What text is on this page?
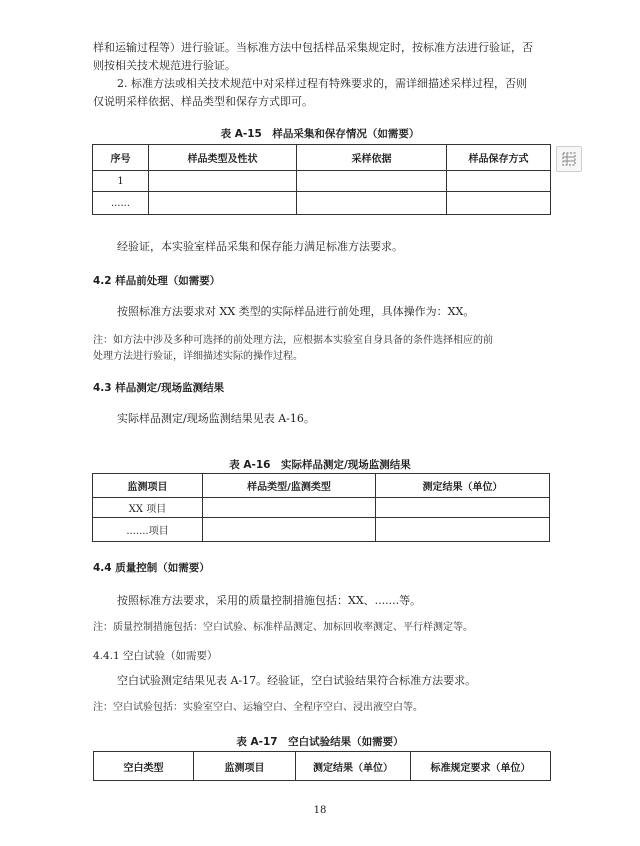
样和运输过程等）进行验证。当标准方法中包括样品采集规定时，按标准方法进行验证，否
则按相关技术规范进行验证。
2. 标准方法或相关技术规范中对采样过程有特殊要求的，需详细描述采样过程，否则
仅说明采样依据、样品类型和保存方式即可。
表 A-15　样品采集和保存情况（如需要）
序号	样品类型及性状	采样依据	样品保存方式
1			
......			
经验证，本实验室样品采集和保存能力满足标准方法要求。
4.2 样品前处理（如需要）
按照标准方法要求对 XX 类型的实际样品进行前处理，具体操作为：XX。
注：如方法中涉及多种可选择的前处理方法，应根据本实验室自身具备的条件选择相应的前
处理方法进行验证，详细描述实际的操作过程。
4.3 样品测定/现场监测结果
实际样品测定/现场监测结果见表 A-16。
表 A-16　实际样品测定/现场监测结果
监测项目	样品类型/监测类型	测定结果（单位）
XX 项目		
.......项目		
4.4 质量控制（如需要）
按照标准方法要求，采用的质量控制措施包括：XX、.......等。
注：质量控制措施包括：空白试验、标准样品测定、加标回收率测定、平行样测定等。
4.4.1 空白试验（如需要）
空白试验测定结果见表 A-17。经验证，空白试验结果符合标准方法要求。
注：空白试验包括：实验室空白、运输空白、全程序空白、浸出液空白等。
表 A-17　空白试验结果（如需要）
空白类型	监测项目	测定结果（单位）	标准规定要求（单位）
18
